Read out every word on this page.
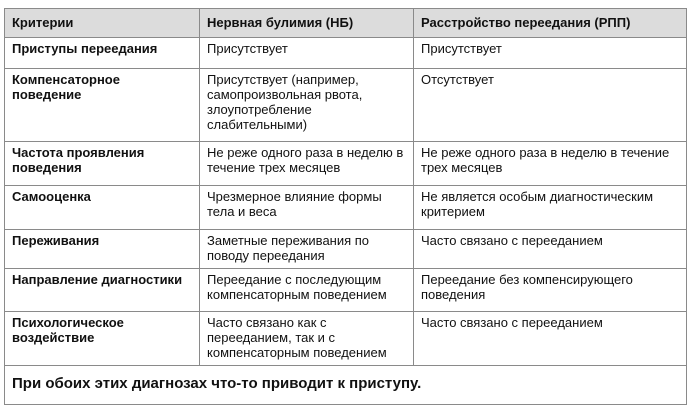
Критерии	Нервная булимия (НБ)	Расстройство переедания (РПП)
Приступы переедания	Присутствует	Присутствует
Компенсаторное поведение	Присутствует (например, самопроизвольная рвота, злоупотребление слабительными)	Отсутствует
Частота проявления поведения	Не реже одного раза в неделю в течение трех месяцев	Не реже одного раза в неделю в течение трех месяцев
Самооценка	Чрезмерное влияние формы тела и веса	Не является особым диагностическим критерием
Переживания	Заметные переживания по поводу переедания	Часто связано с перееданием
Направление диагностики	Переедание с последующим компенсаторным поведением	Переедание без компенсирующего поведения
Психологическое воздействие	Часто связано как с перееданием, так и с компенсаторным поведением	Часто связано с перееданием
При обоих этих диагнозах что-то приводит к приступу.		
